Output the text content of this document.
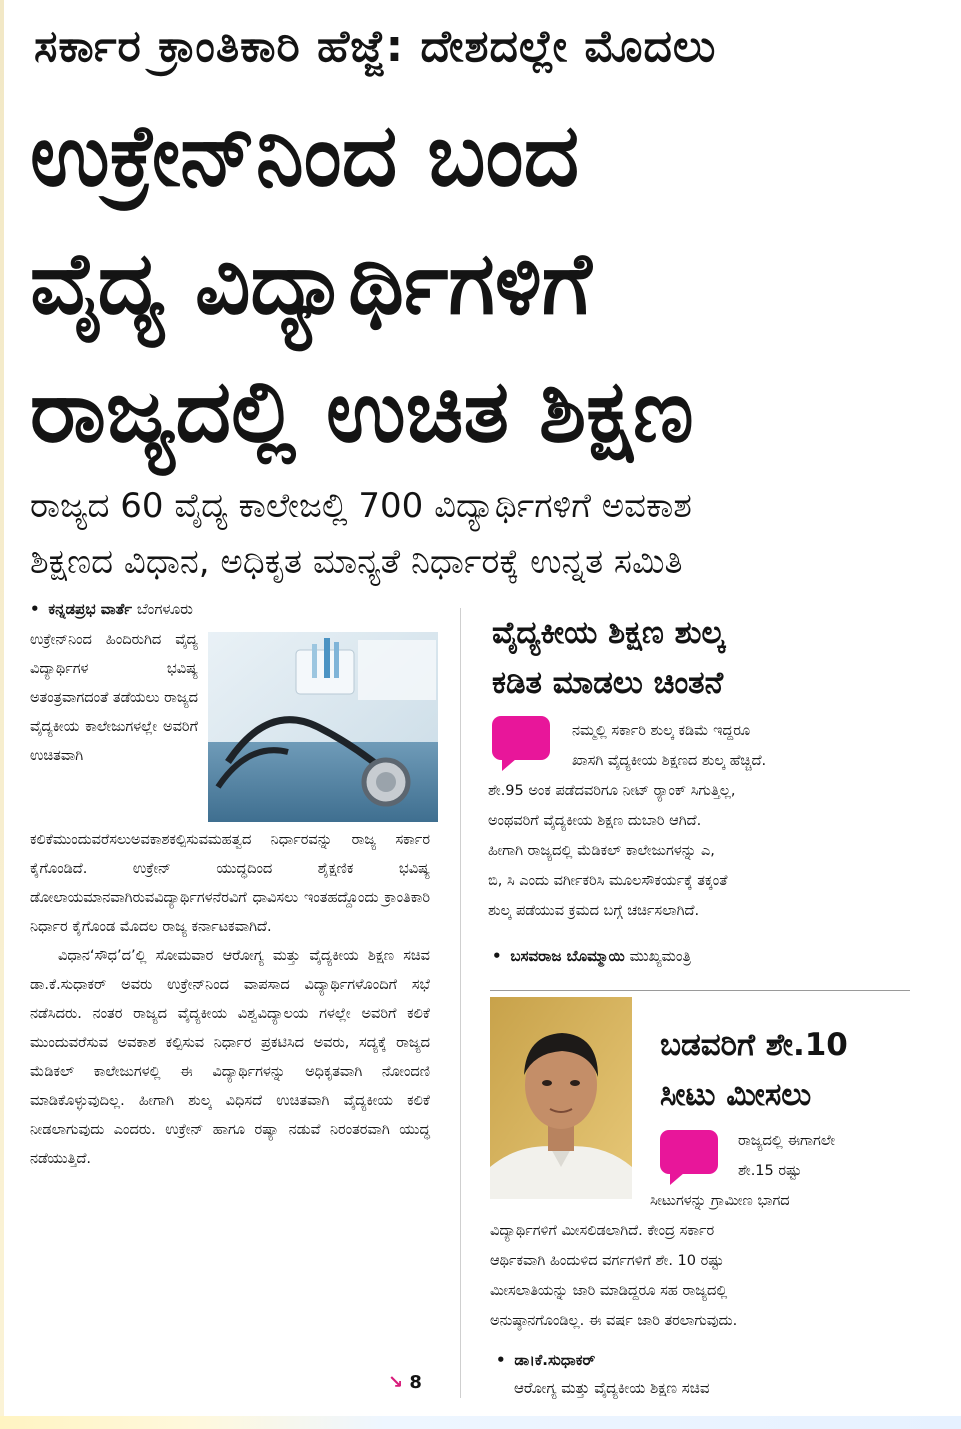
ಸರ್ಕಾರ ಕ್ರಾಂತಿಕಾರಿ ಹೆಜ್ಜೆ: ದೇಶದಲ್ಲೇ ಮೊದಲು
ಉಕ್ರೇನ್‌ನಿಂದ ಬಂದ
ವೈದ್ಯ ವಿದ್ಯಾರ್ಥಿಗಳಿಗೆ
ರಾಜ್ಯದಲ್ಲಿ ಉಚಿತ ಶಿಕ್ಷಣ
ರಾಜ್ಯದ 60 ವೈದ್ಯ ಕಾಲೇಜಲ್ಲಿ 700 ವಿದ್ಯಾರ್ಥಿಗಳಿಗೆ ಅವಕಾಶ
ಶಿಕ್ಷಣದ ವಿಧಾನ, ಅಧಿಕೃತ ಮಾನ್ಯತೆ ನಿರ್ಧಾರಕ್ಕೆ ಉನ್ನತ ಸಮಿತಿ
• ಕನ್ನಡಪ್ರಭ ವಾರ್ತೆ ಬೆಂಗಳೂರು

ಉಕ್ರೇನ್‌ನಿಂದ ಹಿಂದಿರುಗಿದ ವೈದ್ಯ ವಿದ್ಯಾರ್ಥಿಗಳ ಭವಿಷ್ಯ ಅತಂತ್ರವಾಗದಂತೆ ತಡೆಯಲು ರಾಜ್ಯದ ವೈದ್ಯಕೀಯ ಕಾಲೇಜುಗಳಲ್ಲೇ ಅವರಿಗೆ ಉಚಿತವಾಗಿ ಕಲಿಕೆಮುಂದುವರೆಸಲುಅವಕಾಶಕಲ್ಪಿಸುವಮಹತ್ವದ ನಿರ್ಧಾರವನ್ನು ರಾಜ್ಯ ಸರ್ಕಾರ ಕೈಗೊಂಡಿದೆ. ಉಕ್ರೇನ್ ಯುದ್ಧದಿಂದ ಶೈಕ್ಷಣಿಕ ಭವಿಷ್ಯ ಡೋಲಾಯಮಾನವಾಗಿರುವವಿದ್ಯಾರ್ಥಿಗಳನೆರವಿಗೆ ಧಾವಿಸಲು ಇಂತಹದ್ದೊಂದು ಕ್ರಾಂತಿಕಾರಿ ನಿರ್ಧಾರ ಕೈಗೊಂಡ ಮೊದಲ ರಾಜ್ಯ ಕರ್ನಾಟಕವಾಗಿದೆ.

ವಿಧಾನ‘ಸೌಧ’ದ’ಲ್ಲಿ ಸೋಮವಾರ ಆರೋಗ್ಯ ಮತ್ತು ವೈದ್ಯಕೀಯ ಶಿಕ್ಷಣ ಸಚಿವ ಡಾ.ಕೆ.ಸುಧಾಕರ್ ಅವರು ಉಕ್ರೇನ್‌ನಿಂದ ವಾಪಸಾದ ವಿದ್ಯಾರ್ಥಿಗಳೊಂದಿಗೆ ಸಭೆ ನಡೆಸಿದರು. ನಂತರ ರಾಜ್ಯದ ವೈದ್ಯಕೀಯ ವಿಶ್ವವಿದ್ಯಾಲಯ ಗಳಲ್ಲೇ ಅವರಿಗೆ ಕಲಿಕೆ ಮುಂದುವರೆಸುವ ಅವಕಾಶ ಕಲ್ಪಿಸುವ ನಿರ್ಧಾರ ಪ್ರಕಟಿಸಿದ ಅವರು, ಸದ್ಯಕ್ಕೆ ರಾಜ್ಯದ ಮೆಡಿಕಲ್ ಕಾಲೇಜುಗಳಲ್ಲಿ ಈ ವಿದ್ಯಾರ್ಥಿಗಳನ್ನು ಅಧಿಕೃತವಾಗಿ ನೋಂದಣಿ ಮಾಡಿಕೊಳ್ಳುವುದಿಲ್ಲ. ಹೀಗಾಗಿ ಶುಲ್ಕ ವಿಧಿಸದೆ ಉಚಿತವಾಗಿ ವೈದ್ಯಕೀಯ ಕಲಿಕೆ ನೀಡಲಾಗುವುದು ಎಂದರು. ಉಕ್ರೇನ್ ಹಾಗೂ ರಷ್ಯಾ ನಡುವೆ ನಿರಂತರವಾಗಿ ಯುದ್ಧ ನಡೆಯುತ್ತಿದೆ.

↘ 8
ವೈದ್ಯಕೀಯ ಶಿಕ್ಷಣ ಶುಲ್ಕ
ಕಡಿತ ಮಾಡಲು ಚಿಂತನೆ
ನಮ್ಮಲ್ಲಿ ಸರ್ಕಾರಿ ಶುಲ್ಕ ಕಡಿಮೆ ಇದ್ದರೂ
ಖಾಸಗಿ ವೈದ್ಯಕೀಯ ಶಿಕ್ಷಣದ ಶುಲ್ಕ ಹೆಚ್ಚಿದೆ.
ಶೇ.95 ಅಂಕ ಪಡೆದವರಿಗೂ ನೀಟ್ ರ‍್ಯಾಂಕ್ ಸಿಗುತ್ತಿಲ್ಲ,
ಅಂಥವರಿಗೆ ವೈದ್ಯಕೀಯ ಶಿಕ್ಷಣ ದುಬಾರಿ ಆಗಿದೆ.
ಹೀಗಾಗಿ ರಾಜ್ಯದಲ್ಲಿ ಮೆಡಿಕಲ್ ಕಾಲೇಜುಗಳನ್ನು ಎ,
ಬಿ, ಸಿ ಎಂದು ವರ್ಗೀಕರಿಸಿ ಮೂಲಸೌಕರ್ಯಕ್ಕೆ ತಕ್ಕಂತೆ
ಶುಲ್ಕ ಪಡೆಯುವ ಕ್ರಮದ ಬಗ್ಗೆ ಚರ್ಚಿಸಲಾಗಿದೆ.
• ಬಸವರಾಜ ಬೊಮ್ಮಾಯಿ ಮುಖ್ಯಮಂತ್ರಿ
ಬಡವರಿಗೆ ಶೇ.10
ಸೀಟು ಮೀಸಲು
ರಾಜ್ಯದಲ್ಲಿ ಈಗಾಗಲೇ
ಶೇ.15 ರಷ್ಟು
ಸೀಟುಗಳನ್ನು ಗ್ರಾಮೀಣ ಭಾಗದ
ವಿದ್ಯಾರ್ಥಿಗಳಿಗೆ ಮೀಸಲಿಡಲಾಗಿದೆ. ಕೇಂದ್ರ ಸರ್ಕಾರ
ಆರ್ಥಿಕವಾಗಿ ಹಿಂದುಳಿದ ವರ್ಗಗಳಿಗೆ ಶೇ. 10 ರಷ್ಟು
ಮೀಸಲಾತಿಯನ್ನು ಜಾರಿ ಮಾಡಿದ್ದರೂ ಸಹ ರಾಜ್ಯದಲ್ಲಿ
ಅನುಷ್ಠಾನಗೊಂಡಿಲ್ಲ. ಈ ವರ್ಷ ಜಾರಿ ತರಲಾಗುವುದು.
• ಡಾ।ಕೆ.ಸುಧಾಕರ್
ಆರೋಗ್ಯ ಮತ್ತು ವೈದ್ಯಕೀಯ ಶಿಕ್ಷಣ ಸಚಿವ
